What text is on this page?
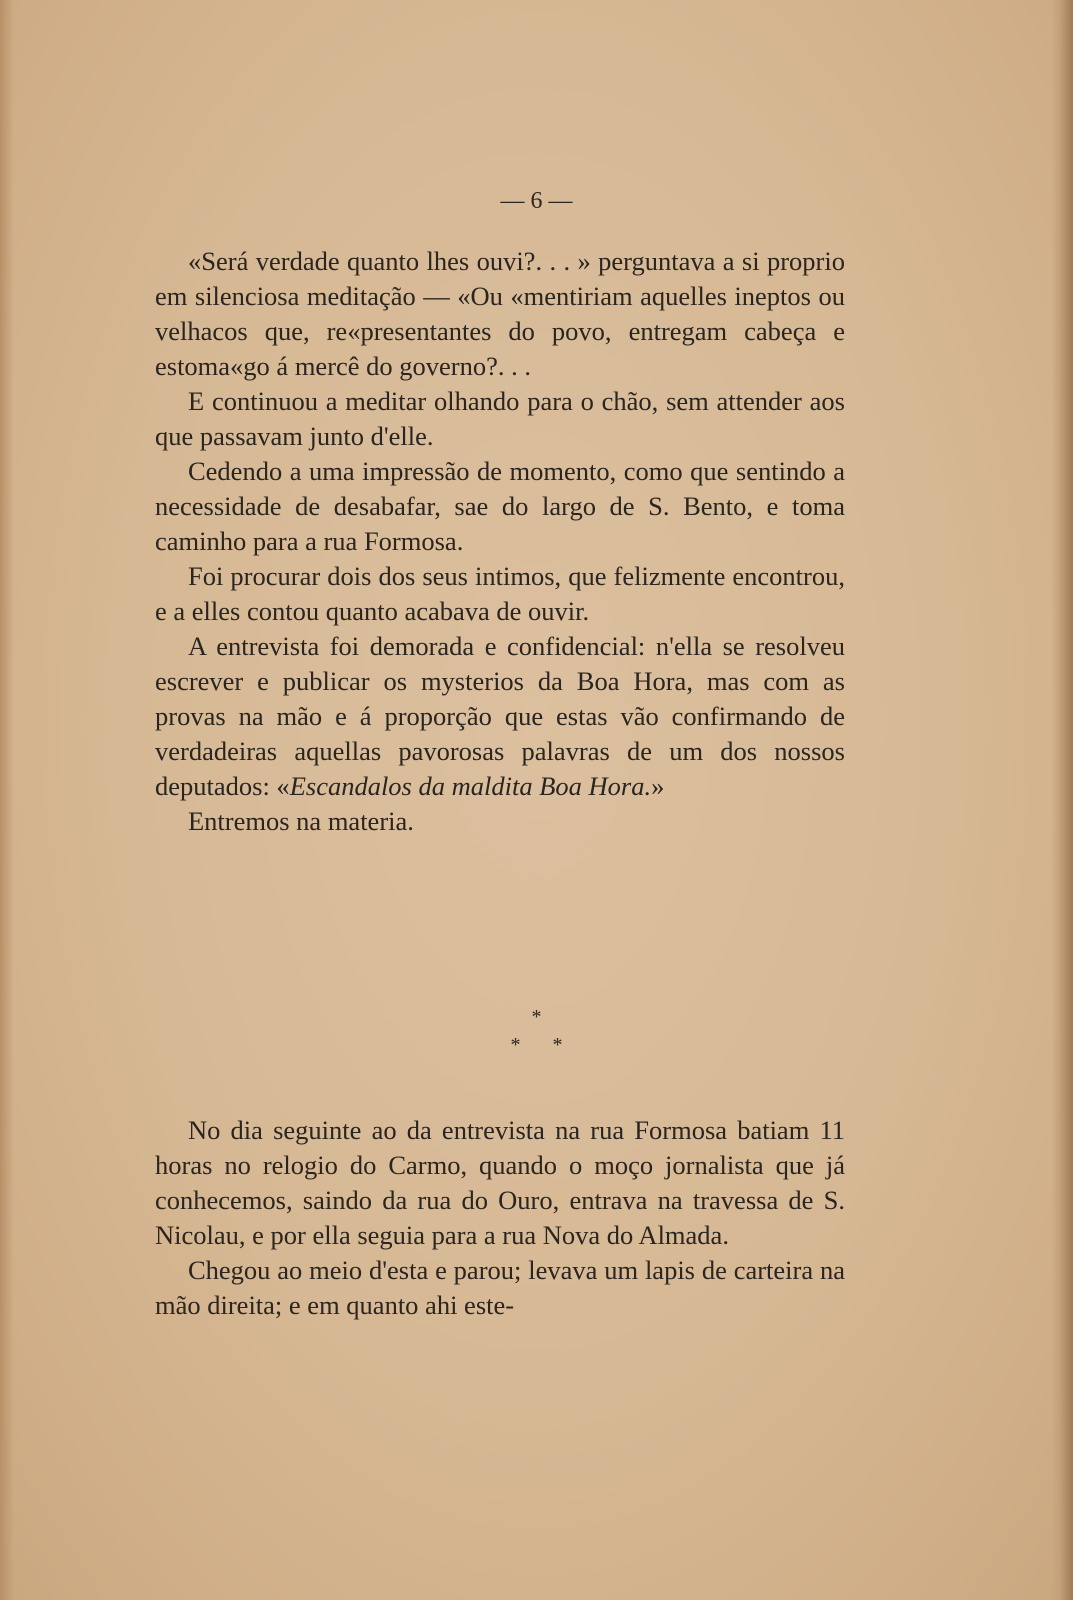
— 6 —

«Será verdade quanto lhes ouvi?. . . » perguntava a si proprio em silenciosa meditação — «Ou «mentiriam aquelles ineptos ou velhacos que, re«presentantes do povo, entregam cabeça e estoma«go á mercê do governo?. . .

E continuou a meditar olhando para o chão, sem attender aos que passavam junto d'elle.

Cedendo a uma impressão de momento, como que sentindo a necessidade de desabafar, sae do largo de S. Bento, e toma caminho para a rua Formosa.

Foi procurar dois dos seus intimos, que felizmente encontrou, e a elles contou quanto acabava de ouvir.

A entrevista foi demorada e confidencial: n'ella se resolveu escrever e publicar os mysterios da Boa Hora, mas com as provas na mão e á proporção que estas vão confirmando de verdadeiras aquellas pavorosas palavras de um dos nossos deputados: «Escandalos da maldita Boa Hora.»

Entremos na materia.

*
* *

No dia seguinte ao da entrevista na rua Formosa batiam 11 horas no relogio do Carmo, quando o moço jornalista que já conhecemos, saindo da rua do Ouro, entrava na travessa de S. Nicolau, e por ella seguia para a rua Nova do Almada.

Chegou ao meio d'esta e parou; levava um lapis de carteira na mão direita; e em quanto ahi este-
